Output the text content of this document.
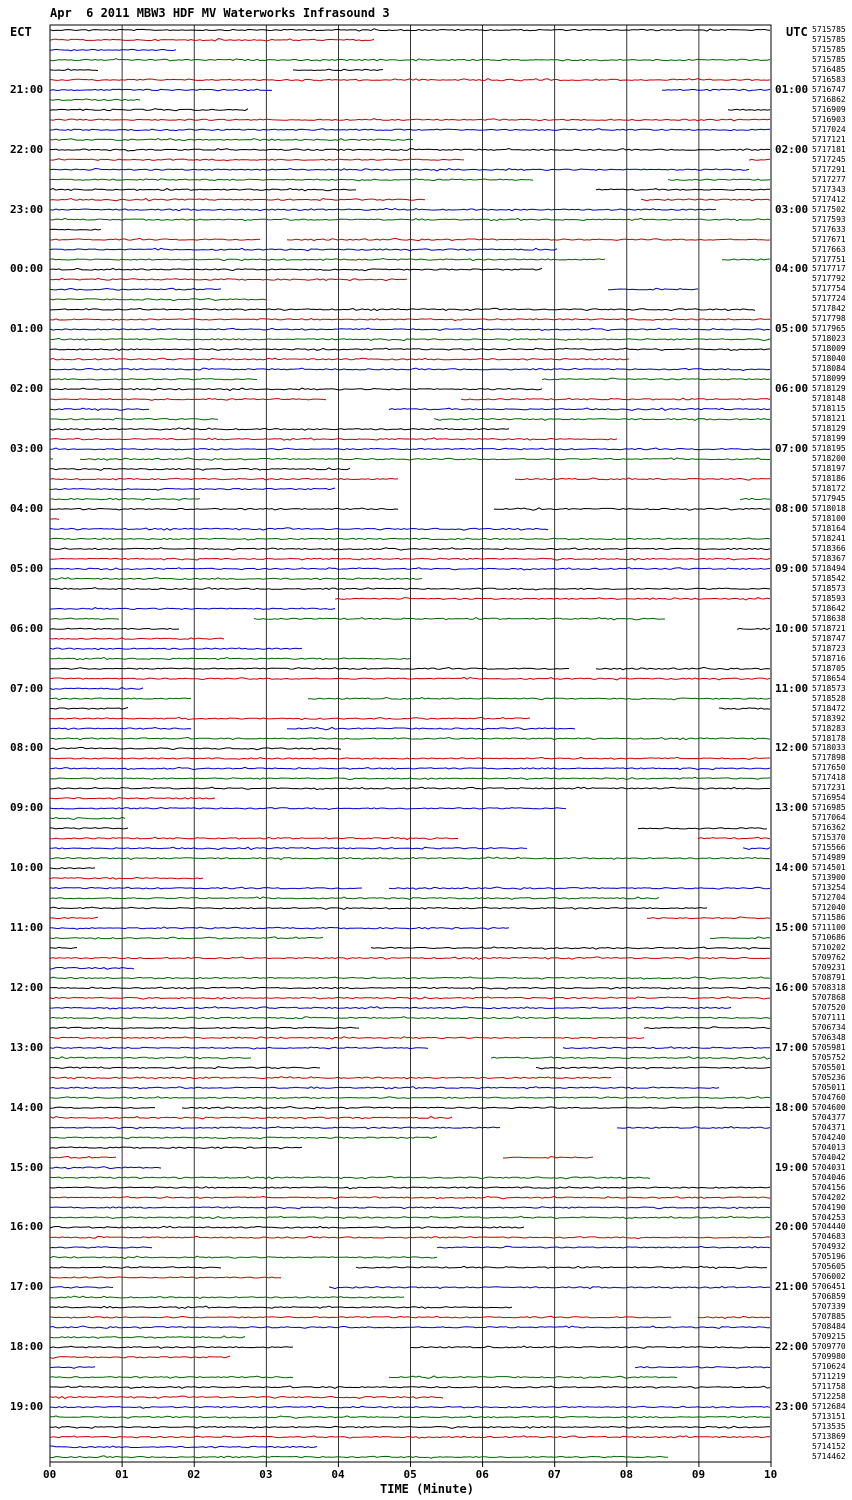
Apr  6 2011 MBW3 HDF MV Waterworks Infrasound 3
ECT	UTC 5715785
5715785
5715785
5715785
5716485
5716583
5716747
5716862
5716909
5716903
5717024
5717121
5717181
5717245
5717291
5717277
5717343
5717412
5717502
5717593
5717633
5717671
5717663
5717751
5717717
5717792
5717754
5717724
5717842
5717798
5717965
5718023
5718009
5718040
5718084
5718099
5718129
5718148
5718115
5718121
5718129
5718199
5718195
5718200
5718197
5718186
5718172
5717945
5718018
5718100
5718164
5718241
5718366
5718367
5718494
5718542
5718573
5718593
5718642
5718638
5718721
5718747
5718723
5718716
5718705
5718654
5718573
5718528
5718472
5718392
5718283
5718178
5718033
5717898
5717650
5717418
5717231
5716954
5716985
5717064
5716362
5715370
5715566
5714989
5714501
5713900
5713254
5712704
5712040
5711586
5711100
5710686
5710202
5709762
5709231
5708791
5708318
5707868
5707520
5707111
5706734
5706348
5705981
5705752
5705501
5705236
5705011
5704760
5704600
5704377
5704371
5704240
5704013
5704042
5704031
5704046
5704156
5704202
5704190
5704253
5704440
5704683
5704932
5705196
5705605
5706002
5706451
5706859
5707339
5707885
5708484
5709215
5709770
5709980
5710624
5711219
5711758
5712258
5712684
5713151
5713535
5713869
5714152
5714462
21:00	01:00
22:00	02:00
23:00	03:00
00:00	04:00
01:00	05:00
02:00	06:00
03:00	07:00
04:00	08:00
05:00	09:00
06:00	10:00
07:00	11:00
08:00	12:00
09:00	13:00
10:00	14:00
11:00	15:00
12:00	16:00
13:00	17:00
14:00	18:00
15:00	19:00
16:00	20:00
17:00	21:00
18:00	22:00
19:00	23:00
00	01	02	03	04	05	06	07	08	09	10
TIME (Minute)
